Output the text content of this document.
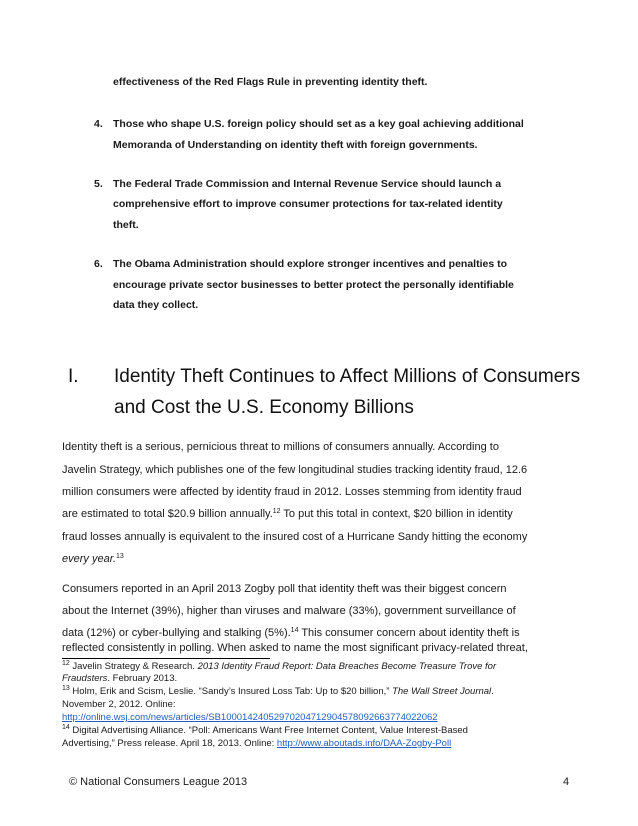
effectiveness of the Red Flags Rule in preventing identity theft.
4. Those who shape U.S. foreign policy should set as a key goal achieving additional
Memoranda of Understanding on identity theft with foreign governments.
5. The Federal Trade Commission and Internal Revenue Service should launch a
comprehensive effort to improve consumer protections for tax-related identity
theft.
6. The Obama Administration should explore stronger incentives and penalties to
encourage private sector businesses to better protect the personally identifiable
data they collect.
I. Identity Theft Continues to Affect Millions of Consumers
and Cost the U.S. Economy Billions
Identity theft is a serious, pernicious threat to millions of consumers annually. According to
Javelin Strategy, which publishes one of the few longitudinal studies tracking identity fraud, 12.6
million consumers were affected by identity fraud in 2012. Losses stemming from identity fraud
are estimated to total $20.9 billion annually.$^{12}$ To put this total in context, $20 billion in identity
fraud losses annually is equivalent to the insured cost of a Hurricane Sandy hitting the economy
every year.$^{13}$
Consumers reported in an April 2013 Zogby poll that identity theft was their biggest concern
about the Internet (39%), higher than viruses and malware (33%), government surveillance of
data (12%) or cyber-bullying and stalking (5%).$^{14}$ This consumer concern about identity theft is
reflected consistently in polling. When asked to name the most significant privacy-related threat,
$^{12}$ Javelin Strategy & Research. 2013 Identity Fraud Report: Data Breaches Become Treasure Trove for
Fraudsters. February 2013.
$^{13}$ Holm, Erik and Scism, Leslie. “Sandy’s Insured Loss Tab: Up to $20 billion,” The Wall Street Journal.
November 2, 2012. Online:
http://online.wsj.com/news/articles/SB10001424052970204712904578092663774022062
$^{14}$ Digital Advertising Alliance. “Poll: Americans Want Free Internet Content, Value Interest-Based
Advertising,” Press release. April 18, 2013. Online: http://www.aboutads.info/DAA-Zogby-Poll
© National Consumers League 2013	4
